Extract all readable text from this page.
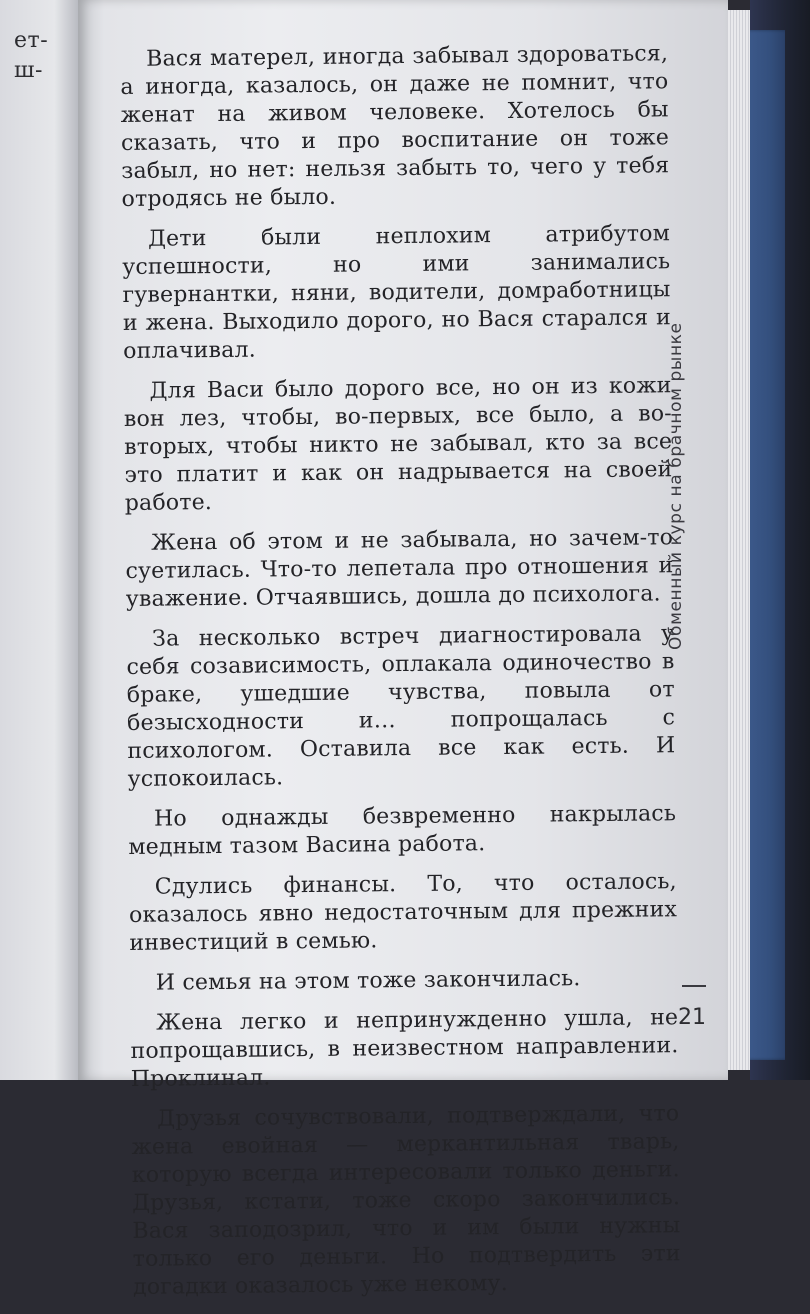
ет-
ш-	Вася матерел, иногда забывал здороваться, а иногда, казалось, он даже не помнит, что женат на живом человеке. Хотелось бы сказать, что и про воспитание он тоже забыл, но нет: нельзя забыть то, чего у тебя отродясь не было.

Дети были неплохим атрибутом успешности, но ими занимались гувернантки, няни, водители, домработницы и жена. Выходило дорого, но Вася старался и оплачивал.

Для Васи было дорого все, но он из кожи вон лез, чтобы, во-первых, все было, а во-вторых, чтобы никто не забывал, кто за все это платит и как он надрывается на своей работе.

Жена об этом и не забывала, но зачем-то суетилась. Что-то лепетала про отношения и уважение. Отчаявшись, дошла до психолога.

За несколько встреч диагностировала у себя созависимость, оплакала одиночество в браке, ушедшие чувства, повыла от безысходности и… попрощалась с психологом. Оставила все как есть. И успокоилась.

Но однажды безвременно накрылась медным тазом Васина работа.

Сдулись финансы. То, что осталось, оказалось явно недостаточным для прежних инвестиций в семью.

И семья на этом тоже закончилась.

Жена легко и непринужденно ушла, не попрощавшись, в неизвестном направлении. Проклинал.

Друзья сочувствовали, подтверждали, что жена евойная — меркантильная тварь, которую всегда интересовали только деньги. Друзья, кстати, тоже скоро закончились. Вася заподозрил, что и им были нужны только его деньги. Но подтвердить эти догадки оказалось уже некому.

Обменный курс на брачном рынке
21
